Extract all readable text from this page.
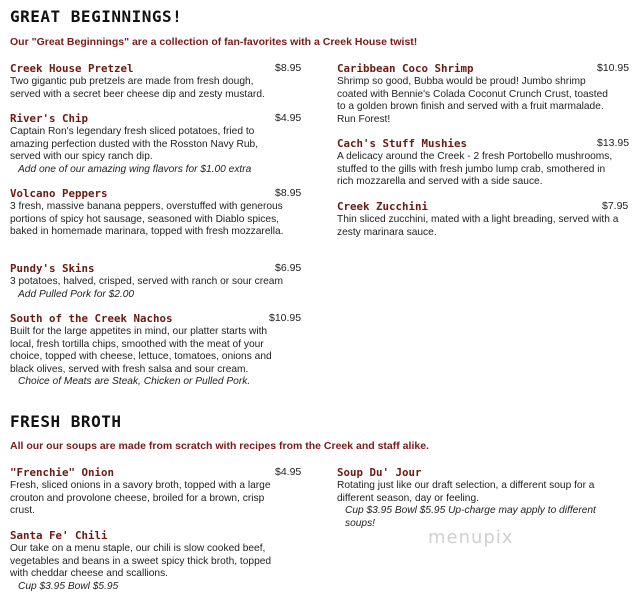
GREAT BEGINNINGS!
Our "Great Beginnings" are a collection of fan-favorites with a Creek House twist!
Creek House Pretzel	$8.95
Two gigantic pub pretzels are made from fresh dough, served with a secret beer cheese dip and zesty mustard.
River's Chip	$4.95
Captain Ron's legendary fresh sliced potatoes, fried to amazing perfection dusted with the Rosston Navy Rub, served with our spicy ranch dip.
Add one of our amazing wing flavors for $1.00 extra
Volcano Peppers	$8.95
3 fresh, massive banana peppers, overstuffed with generous portions of spicy hot sausage, seasoned with Diablo spices, baked in homemade marinara, topped with fresh mozzarella.
Pundy's Skins	$6.95
3 potatoes, halved, crisped, served with ranch or sour cream
Add Pulled Pork for $2.00
South of the Creek Nachos	$10.95
Built for the large appetites in mind, our platter starts with local, fresh tortilla chips, smoothed with the meat of your choice, topped with cheese, lettuce, tomatoes, onions and black olives, served with fresh salsa and sour cream.
Choice of Meats are Steak, Chicken or Pulled Pork.
Caribbean Coco Shrimp	$10.95
Shrimp so good, Bubba would be proud! Jumbo shrimp coated with Bennie's Colada Coconut Crunch Crust, toasted to a golden brown finish and served with a fruit marmalade. Run Forest!
Cach's Stuff Mushies	$13.95
A delicacy around the Creek - 2 fresh Portobello mushrooms, stuffed to the gills with fresh jumbo lump crab, smothered in rich mozzarella and served with a side sauce.
Creek Zucchini	$7.95
Thin sliced zucchini, mated with a light breading, served with a zesty marinara sauce.
FRESH BROTH
All our our soups are made from scratch with recipes from the Creek and staff alike.
"Frenchie" Onion	$4.95
Fresh, sliced onions in a savory broth, topped with a large crouton and provolone cheese, broiled for a brown, crisp crust.
Santa Fe' Chili
Our take on a menu staple, our chili is slow cooked beef, vegetables and beans in a sweet spicy thick broth, topped with cheddar cheese and scallions.
Cup $3.95 Bowl $5.95
Soup Du' Jour
Rotating just like our draft selection, a different soup for a different season, day or feeling.
Cup $3.95 Bowl $5.95 Up-charge may apply to different soups!
menupix
